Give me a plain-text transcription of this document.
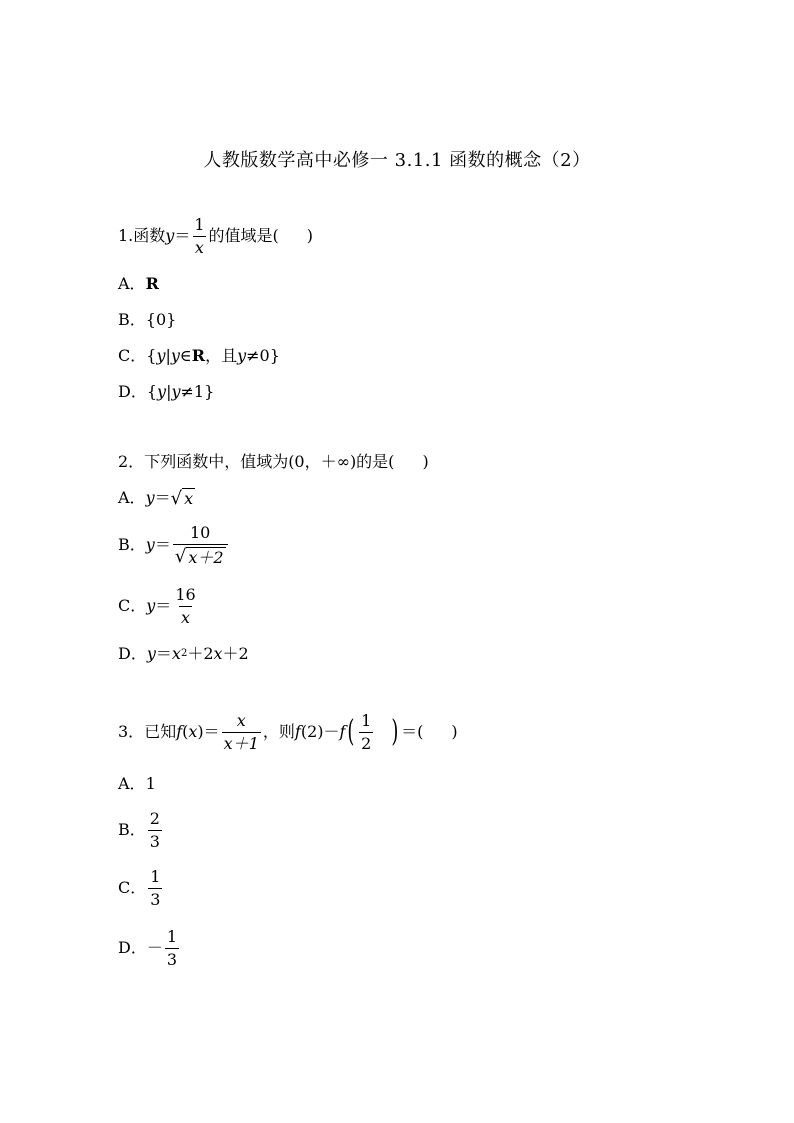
人教版数学高中必修一 3.1.1 函数的概念（2）
1. 函数 $y = \frac{1}{x}$ 的值域是( )
A． R
B． {0}
C． { y | y ∈ R ，且 y ≠0}
D． { y | y ≠1}
2． 下列函数中，值域为(0，＋∞)的是( )
A． y ＝ √ x
B． $y = \frac{10}{√ x+2}$
C． $y = \frac{16}{x}$
D． y ＝ x 2 ＋2 x ＋2
3． 已知 f ( x ) ＝ $\frac{x}{x+1}$ ，则 f (2) － f ( $\frac{1}{2}$ ) ＝( )
A． 1
B． $\frac{2}{3}$
C． $\frac{1}{3}$
D． － $\frac{1}{3}$
